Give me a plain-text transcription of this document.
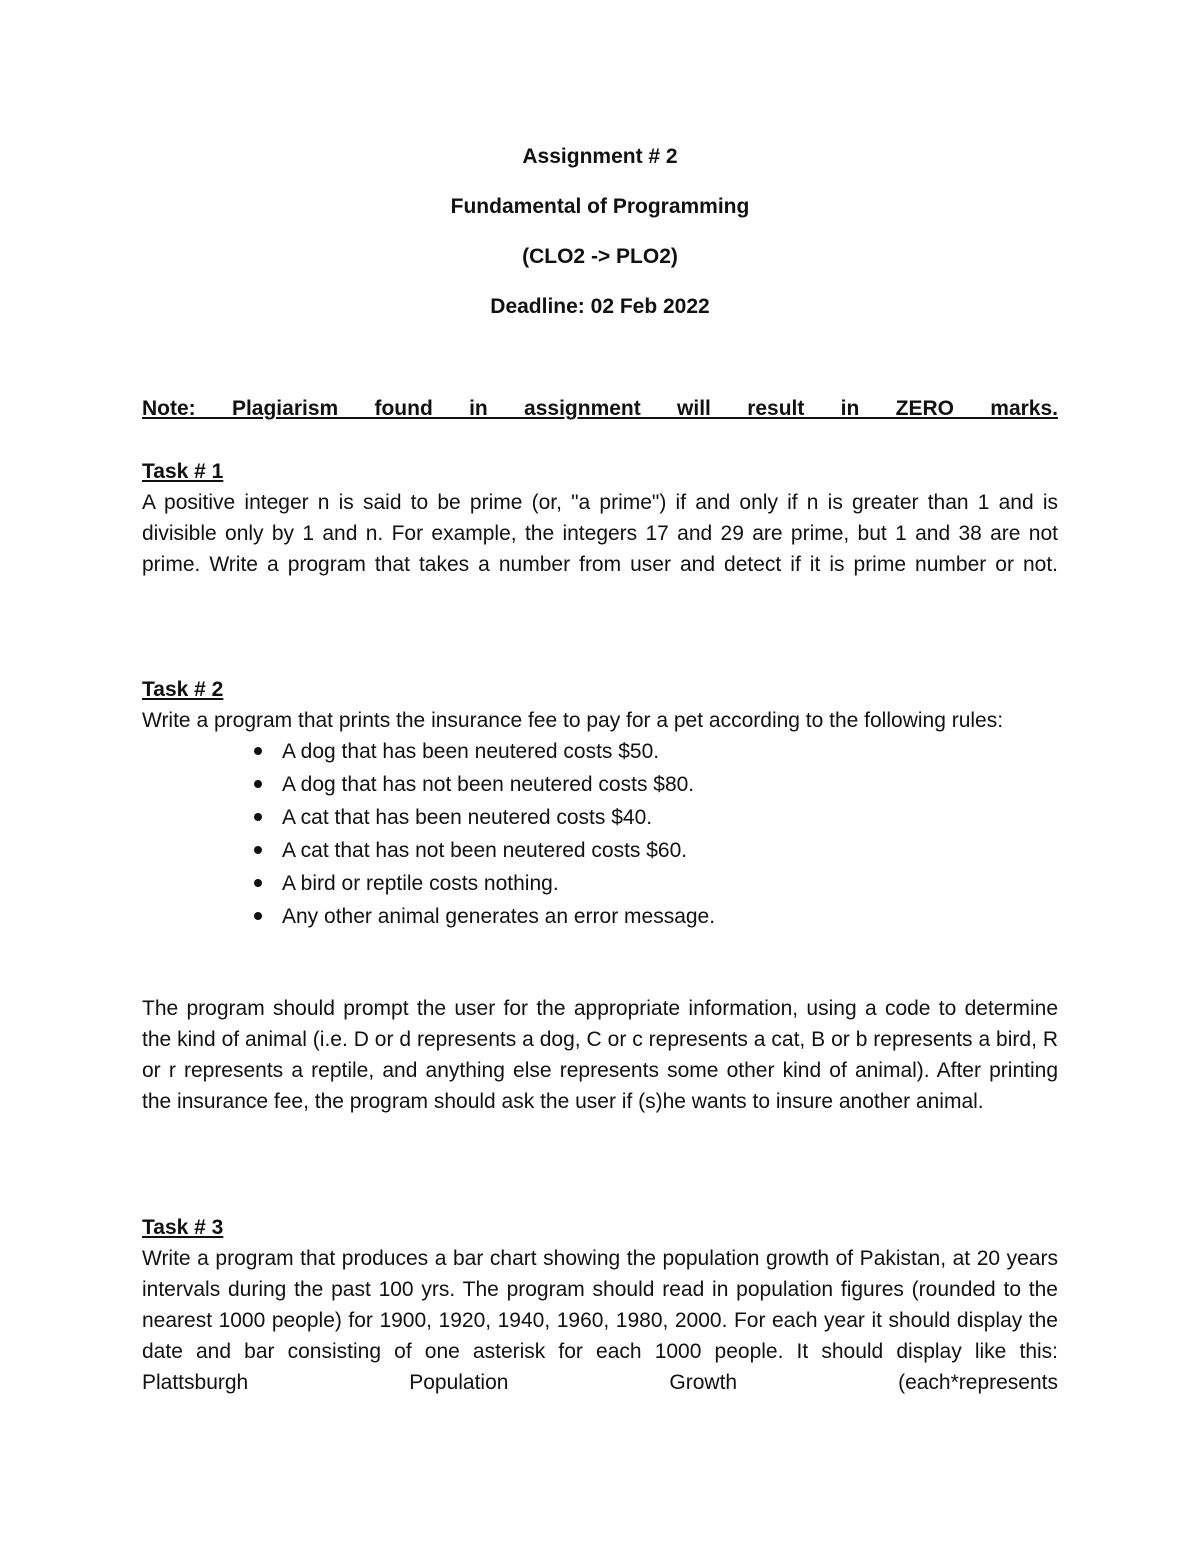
Assignment # 2
Fundamental of Programming
(CLO2 -> PLO2)
Deadline: 02 Feb 2022
Note: Plagiarism found in assignment will result in ZERO marks.
Task # 1

A positive integer n is said to be prime (or, "a prime") if and only if n is greater than 1 and is divisible only by 1 and n. For example, the integers 17 and 29 are prime, but 1 and 38 are not prime. Write a program that takes a number from user and detect if it is prime number or not.

Task # 2

Write a program that prints the insurance fee to pay for a pet according to the following rules:

A dog that has been neutered costs $50.
A dog that has not been neutered costs $80.
A cat that has been neutered costs $40.
A cat that has not been neutered costs $60.
A bird or reptile costs nothing.
Any other animal generates an error message.

The program should prompt the user for the appropriate information, using a code to determine the kind of animal (i.e. D or d represents a dog, C or c represents a cat, B or b represents a bird, R or r represents a reptile, and anything else represents some other kind of animal). After printing the insurance fee, the program should ask the user if (s)he wants to insure another animal.

Task # 3

Write a program that produces a bar chart showing the population growth of Pakistan, at 20 years intervals during the past 100 yrs. The program should read in population figures (rounded to the nearest 1000 people) for 1900, 1920, 1940, 1960, 1980, 2000. For each year it should display the date and bar consisting of one asterisk for each 1000 people. It should display like this: Plattsburgh Population Growth (each*represents
